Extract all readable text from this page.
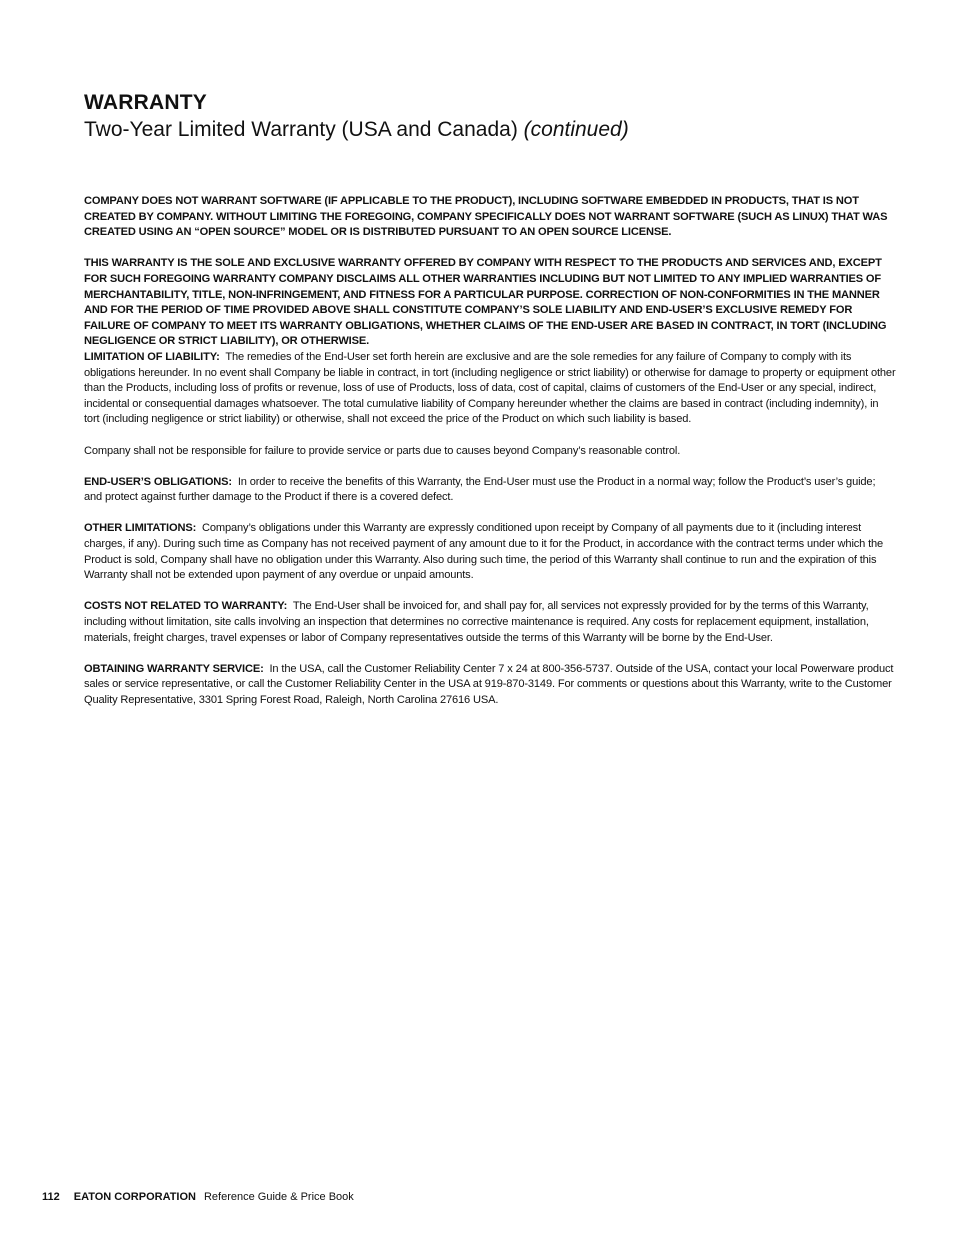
WARRANTY
Two-Year Limited Warranty (USA and Canada) (continued)

COMPANY DOES NOT WARRANT SOFTWARE (IF APPLICABLE TO THE PRODUCT), INCLUDING SOFTWARE EMBEDDED IN PRODUCTS, THAT IS NOT CREATED BY COMPANY. WITHOUT LIMITING THE FOREGOING, COMPANY SPECIFICALLY DOES NOT WARRANT SOFTWARE (SUCH AS LINUX) THAT WAS CREATED USING AN “OPEN SOURCE” MODEL OR IS DISTRIBUTED PURSUANT TO AN OPEN SOURCE LICENSE.

THIS WARRANTY IS THE SOLE AND EXCLUSIVE WARRANTY OFFERED BY COMPANY WITH RESPECT TO THE PRODUCTS AND SERVICES AND, EXCEPT FOR SUCH FOREGOING WARRANTY COMPANY DISCLAIMS ALL OTHER WARRANTIES INCLUDING BUT NOT LIMITED TO ANY IMPLIED WARRANTIES OF MERCHANTABILITY, TITLE, NON-INFRINGEMENT, AND FITNESS FOR A PARTICULAR PURPOSE. CORRECTION OF NON-CONFORMITIES IN THE MANNER AND FOR THE PERIOD OF TIME PROVIDED ABOVE SHALL CONSTITUTE COMPANY’S SOLE LIABILITY AND END-USER’S EXCLUSIVE REMEDY FOR FAILURE OF COMPANY TO MEET ITS WARRANTY OBLIGATIONS, WHETHER CLAIMS OF THE END-USER ARE BASED IN CONTRACT, IN TORT (INCLUDING NEGLIGENCE OR STRICT LIABILITY), OR OTHERWISE.

LIMITATION OF LIABILITY: The remedies of the End-User set forth herein are exclusive and are the sole remedies for any failure of Company to comply with its obligations hereunder. In no event shall Company be liable in contract, in tort (including negligence or strict liability) or otherwise for damage to property or equipment other than the Products, including loss of profits or revenue, loss of use of Products, loss of data, cost of capital, claims of customers of the End-User or any special, indirect, incidental or consequential damages whatsoever. The total cumulative liability of Company hereunder whether the claims are based in contract (including indemnity), in tort (including negligence or strict liability) or otherwise, shall not exceed the price of the Product on which such liability is based.

Company shall not be responsible for failure to provide service or parts due to causes beyond Company’s reasonable control.

END-USER’S OBLIGATIONS: In order to receive the benefits of this Warranty, the End-User must use the Product in a normal way; follow the Product’s user’s guide; and protect against further damage to the Product if there is a covered defect.

OTHER LIMITATIONS: Company’s obligations under this Warranty are expressly conditioned upon receipt by Company of all payments due to it (including interest charges, if any). During such time as Company has not received payment of any amount due to it for the Product, in accordance with the contract terms under which the Product is sold, Company shall have no obligation under this Warranty. Also during such time, the period of this Warranty shall continue to run and the expiration of this Warranty shall not be extended upon payment of any overdue or unpaid amounts.

COSTS NOT RELATED TO WARRANTY: The End-User shall be invoiced for, and shall pay for, all services not expressly provided for by the terms of this Warranty, including without limitation, site calls involving an inspection that determines no corrective maintenance is required. Any costs for replacement equipment, installation, materials, freight charges, travel expenses or labor of Company representatives outside the terms of this Warranty will be borne by the End-User.

OBTAINING WARRANTY SERVICE: In the USA, call the Customer Reliability Center 7 x 24 at 800-356-5737. Outside of the USA, contact your local Powerware product sales or service representative, or call the Customer Reliability Center in the USA at 919-870-3149. For comments or questions about this Warranty, write to the Customer Quality Representative, 3301 Spring Forest Road, Raleigh, North Carolina 27616 USA.

112 EATON CORPORATION Reference Guide & Price Book
